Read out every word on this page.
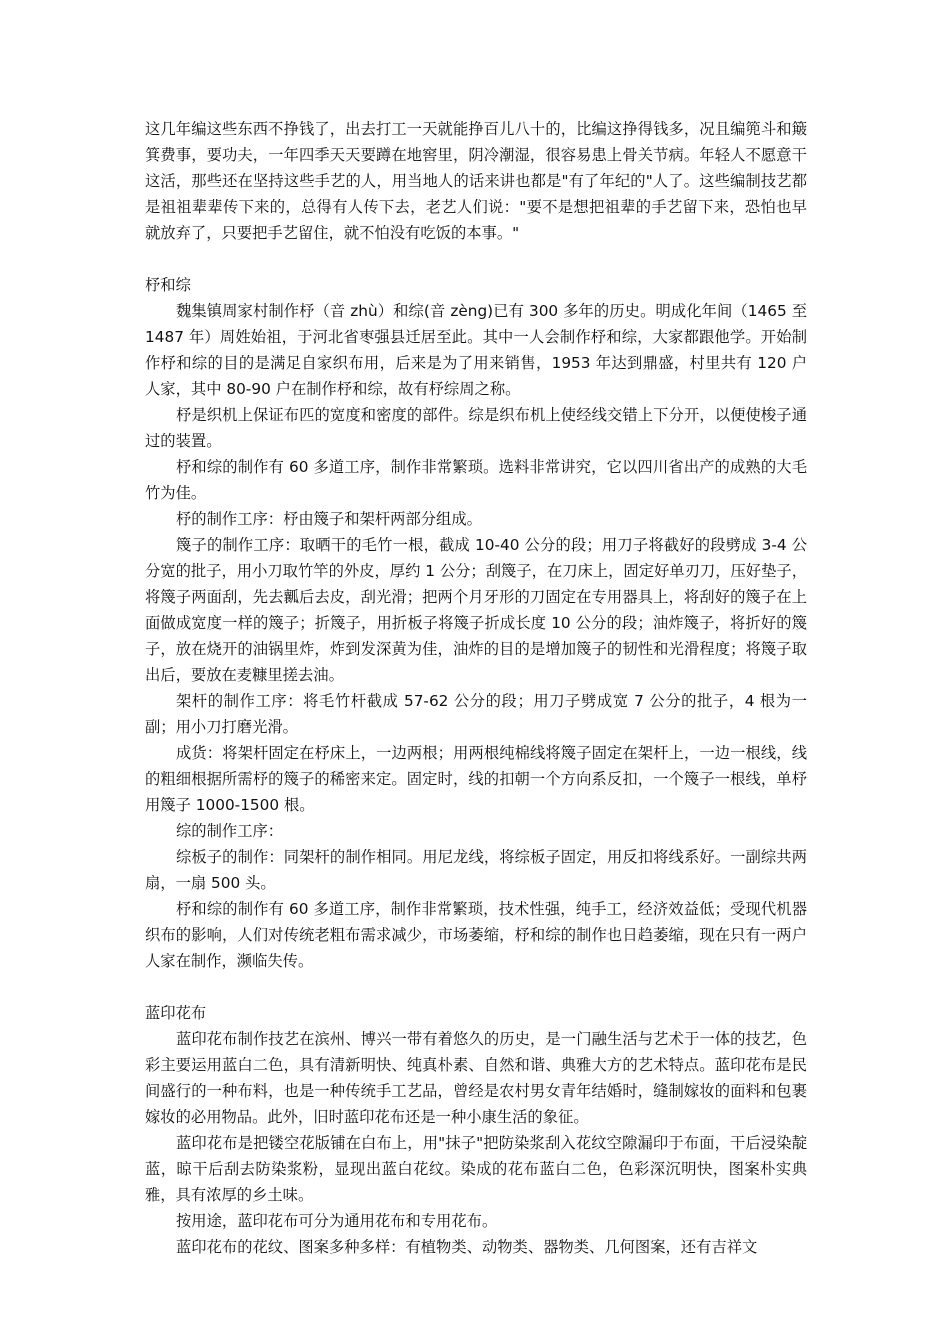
这几年编这些东西不挣钱了，出去打工一天就能挣百儿八十的，比编这挣得钱多，况且编篼斗和簸箕费事，要功夫，一年四季天天要蹲在地窖里，阴冷潮湿，很容易患上骨关节病。年轻人不愿意干这活，那些还在坚持这些手艺的人，用当地人的话来讲也都是"有了年纪的"人了。这些编制技艺都是祖祖辈辈传下来的，总得有人传下去，老艺人们说："要不是想把祖辈的手艺留下来，恐怕也早就放弃了，只要把手艺留住，就不怕没有吃饭的本事。"

杼和综

魏集镇周家村制作杼（音 zhù）和综(音 zèng)已有 300 多年的历史。明成化年间（1465 至 1487 年）周姓始祖，于河北省枣强县迁居至此。其中一人会制作杼和综，大家都跟他学。开始制作杼和综的目的是满足自家织布用，后来是为了用来销售，1953 年达到鼎盛，村里共有 120 户人家，其中 80-90 户在制作杼和综，故有杼综周之称。

杼是织机上保证布匹的宽度和密度的部件。综是织布机上使经线交错上下分开，以便使梭子通过的装置。

杼和综的制作有 60 多道工序，制作非常繁琐。选料非常讲究，它以四川省出产的成熟的大毛竹为佳。

杼的制作工序：杼由篾子和架杆两部分组成。

篾子的制作工序：取晒干的毛竹一根，截成 10-40 公分的段；用刀子将截好的段劈成 3-4 公分宽的批子，用小刀取竹竿的外皮，厚约 1 公分；刮篾子，在刀床上，固定好单刃刀，压好垫子，将篾子两面刮，先去瓤后去皮，刮光滑；把两个月牙形的刀固定在专用器具上，将刮好的篾子在上面做成宽度一样的篾子；折篾子，用折板子将篾子折成长度 10 公分的段；油炸篾子，将折好的篾子，放在烧开的油锅里炸，炸到发深黄为佳，油炸的目的是增加篾子的韧性和光滑程度；将篾子取出后，要放在麦糠里搓去油。

架杆的制作工序：将毛竹杆截成 57-62 公分的段；用刀子劈成宽 7 公分的批子，4 根为一副；用小刀打磨光滑。

成货：将架杆固定在杼床上，一边两根；用两根纯棉线将篾子固定在架杆上，一边一根线，线的粗细根据所需杼的篾子的稀密来定。固定时，线的扣朝一个方向系反扣，一个篾子一根线，单杼用篾子 1000-1500 根。

综的制作工序：

综板子的制作：同架杆的制作相同。用尼龙线，将综板子固定，用反扣将线系好。一副综共两扇，一扇 500 头。

杼和综的制作有 60 多道工序，制作非常繁琐，技术性强，纯手工，经济效益低；受现代机器织布的影响，人们对传统老粗布需求减少，市场萎缩，杼和综的制作也日趋萎缩，现在只有一两户人家在制作，濒临失传。

蓝印花布

蓝印花布制作技艺在滨州、博兴一带有着悠久的历史，是一门融生活与艺术于一体的技艺，色彩主要运用蓝白二色，具有清新明快、纯真朴素、自然和谐、典雅大方的艺术特点。蓝印花布是民间盛行的一种布料，也是一种传统手工艺品，曾经是农村男女青年结婚时，缝制嫁妆的面料和包裹嫁妆的必用物品。此外，旧时蓝印花布还是一种小康生活的象征。

蓝印花布是把镂空花版铺在白布上，用"抹子"把防染浆刮入花纹空隙漏印于布面，干后浸染靛蓝，晾干后刮去防染浆粉，显现出蓝白花纹。染成的花布蓝白二色，色彩深沉明快，图案朴实典雅，具有浓厚的乡土味。

按用途，蓝印花布可分为通用花布和专用花布。

蓝印花布的花纹、图案多种多样：有植物类、动物类、器物类、几何图案，还有吉祥文
